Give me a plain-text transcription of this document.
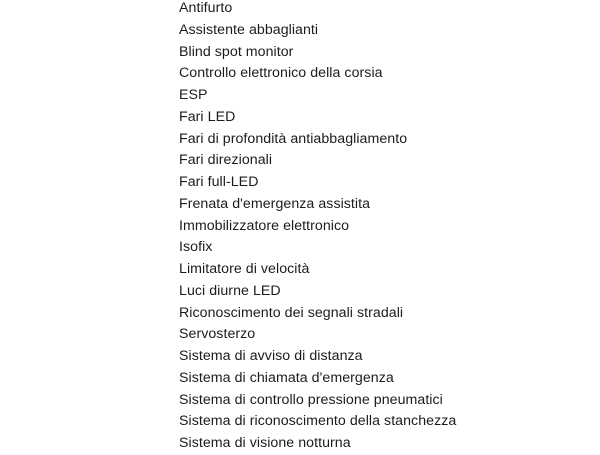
Antifurto
Assistente abbaglianti
Blind spot monitor
Controllo elettronico della corsia
ESP
Fari LED
Fari di profondità antiabbagliamento
Fari direzionali
Fari full-LED
Frenata d'emergenza assistita
Immobilizzatore elettronico
Isofix
Limitatore di velocità
Luci diurne LED
Riconoscimento dei segnali stradali
Servosterzo
Sistema di avviso di distanza
Sistema di chiamata d'emergenza
Sistema di controllo pressione pneumatici
Sistema di riconoscimento della stanchezza
Sistema di visione notturna
